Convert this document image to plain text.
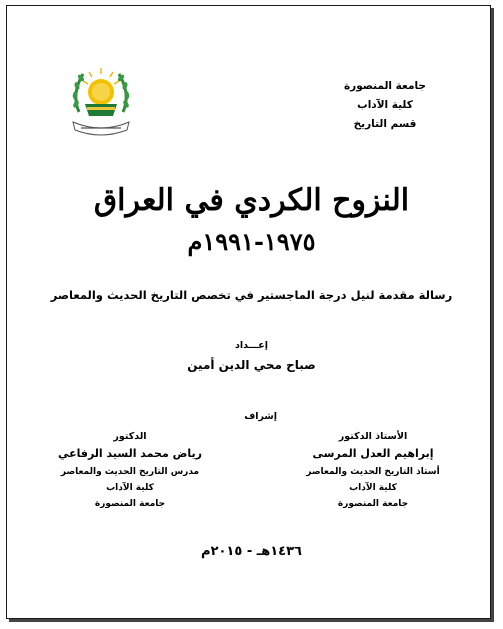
جامعة المنصورة
كلية الآداب
قسم التاريخ
النزوح الكردي في العراق
١٩٧٥-١٩٩١م
رسالة مقدمة لنيل درجة الماجستير في تخصص التاريخ الحديث والمعاصر
إعـــداد
صباح محي الدين أمين
إشراف
الأستاذ الدكتور
إبراهيم العدل المرسى
أستاذ التاريخ الحديث والمعاصر
كلية الآداب
جامعة المنصورة
الدكتور
رياض محمد السيد الرفاعي
مدرس التاريخ الحديث والمعاصر
كلية الآداب
جامعة المنصورة
١٤٣٦هـ - ٢٠١٥م
